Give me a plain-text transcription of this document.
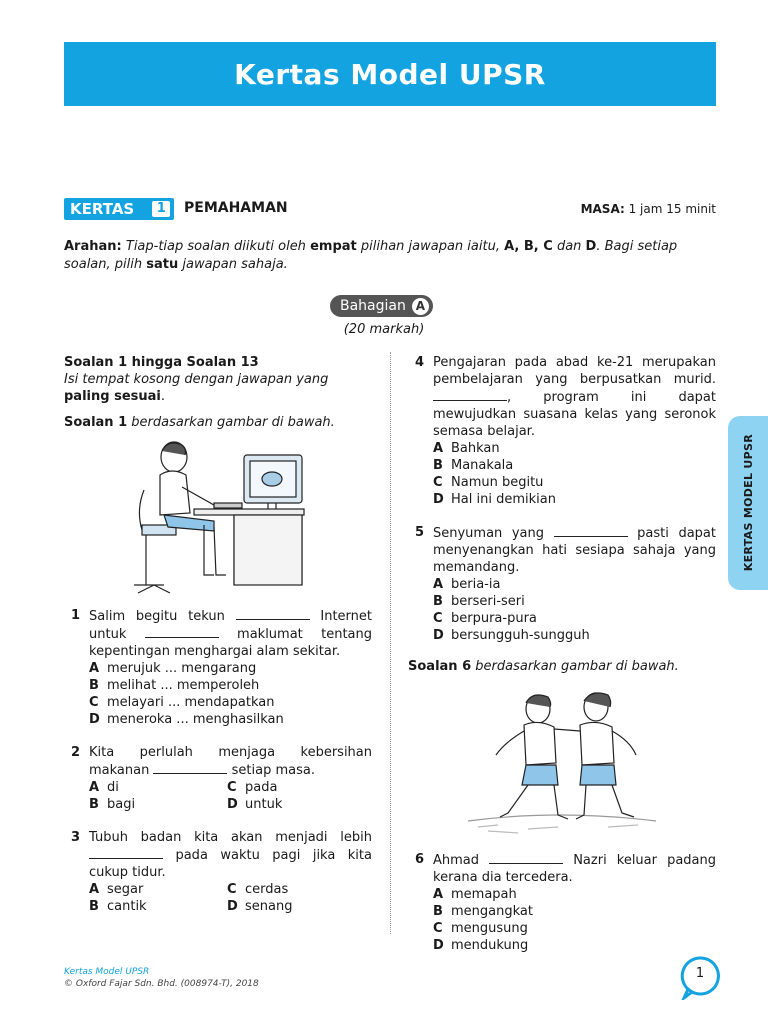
Kertas Model UPSR
KERTAS	1	PEMAHAMAN	MASA: 1 jam 15 minit
Arahan: Tiap-tiap soalan diikuti oleh empat pilihan jawapan iaitu, A, B, C dan D. Bagi setiap soalan, pilih satu jawapan sahaja.
Bahagian A
(20 markah)
Soalan 1 hingga Soalan 13
Isi tempat kosong dengan jawapan yang paling sesuai.
Soalan 1 berdasarkan gambar di bawah.
1 Salim begitu tekun	Internet untuk	maklumat tentang kepentingan menghargai alam sekitar.
A merujuk ... mengarang
B melihat ... memperoleh
C melayari ... mendapatkan
D meneroka ... menghasilkan
2 Kita perlulah menjaga kebersihan makanan	setiap masa.
A di	C pada
B bagi	D untuk
3 Tubuh badan kita akan menjadi lebih  pada waktu pagi jika kita cukup tidur.
A segar	C cerdas
B cantik	D senang
4 Pengajaran pada abad ke-21 merupakan pembelajaran yang berpusatkan murid. , program ini dapat mewujudkan suasana kelas yang seronok semasa belajar.
A Bahkan
B Manakala
C Namun begitu
D Hal ini demikian
5 Senyuman yang	pasti dapat menyenangkan hati sesiapa sahaja yang memandang.
A beria-ia
B berseri-seri
C berpura-pura
D bersungguh-sungguh
Soalan 6 berdasarkan gambar di bawah.
6 Ahmad	Nazri keluar padang kerana dia tercedera.
A memapah
B mengangkat
C mengusung
D mendukung
KERTAS MODEL UPSR
Kertas Model UPSR
© Oxford Fajar Sdn. Bhd. (008974-T), 2018
1
